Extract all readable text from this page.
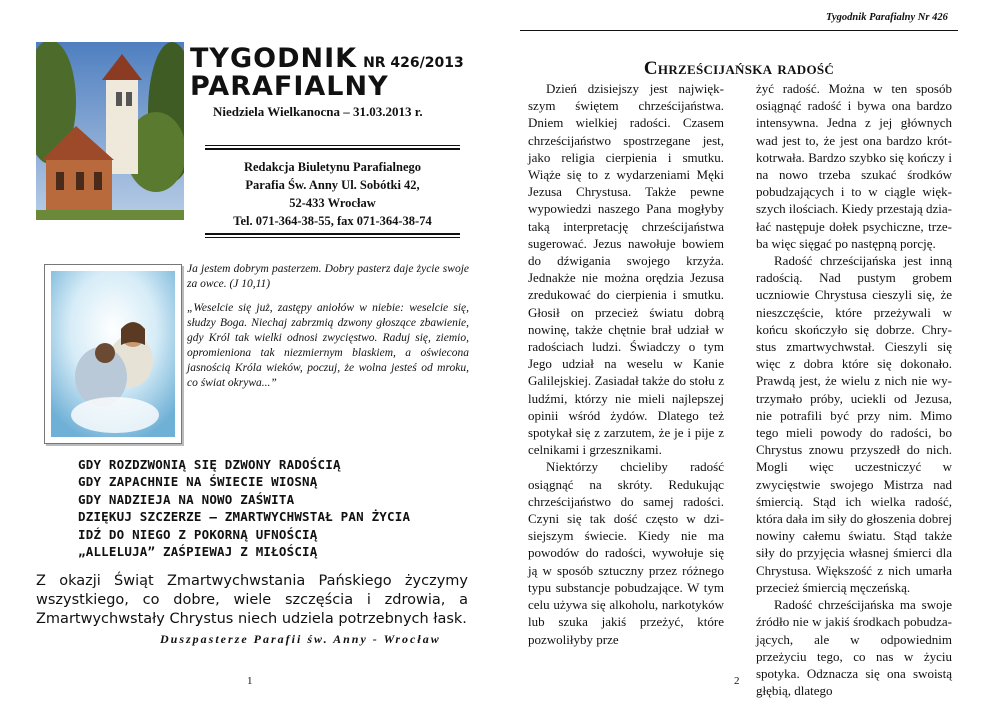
TYGODNIK NR 426/2013
PARAFIALNY
Niedziela Wielkanocna – 31.03.2013 r.
Redakcja Biuletynu Parafialnego
Parafia Św. Anny Ul. Sobótki 42,
52-433 Wrocław
Tel. 071-364-38-55, fax 071-364-38-74
Ja jestem dobrym pasterzem. Dobry pasterz daje życie swoje za owce. (J 10,11)
„Weselcie się już, zastępy aniołów w niebie: weselcie się, słudzy Boga. Niechaj zabrzmią dzwony głoszące zbawienie, gdy Król tak wielki odnosi zwycięstwo. Raduj się, ziemio, opromieniona tak niezmiernym blaskiem, a oświecona jasnością Króla wieków, poczuj, że wolna jesteś od mroku, co świat okrywa...”
GDY ROZDZWONIĄ SIĘ DZWONY RADOŚCIĄ
GDY ZAPACHNIE NA ŚWIECIE WIOSNĄ
GDY NADZIEJA NA NOWO ZAŚWITA
DZIĘKUJ SZCZERZE – ZMARTWYCHWSTAŁ PAN ŻYCIA
IDŹ DO NIEGO Z POKORNĄ UFNOŚCIĄ
„ALLELUJA” ZAŚPIEWAJ Z MIŁOŚCIĄ
Z okazji Świąt Zmartwychwstania Pańskiego życzymy wszystkiego, co dobre, wiele szczęścia i zdrowia, a Zmartwychwstały Chrystus niech udziela potrzebnych łask.
Duszpasterze Parafii św. Anny - Wrocław
1
Tygodnik Parafialny Nr 426
Chrześcijańska radość

Dzień dzisiejszy jest największym świętem chrześcijaństwa. Dniem wielkiej radości. Czasem chrześcijaństwo spostrzegane jest, jako religia cierpienia i smutku. Wiąże się to z wydarzeniami Męki Jezusa Chrystusa. Także pewne wypowiedzi naszego Pana mogłyby taką interpretację chrześcijaństwa sugerować. Jezus nawołuje bowiem do dźwigania swojego krzyża. Jednakże nie można orędzia Jezusa zredukować do cierpienia i smutku. Głosił on przecież światu dobrą nowinę, także chętnie brał udział w radościach ludzi. Świadczy o tym Jego udział na weselu w Kanie Galilejskiej. Zasiadał także do stołu z ludźmi, którzy nie mieli najlepszej opinii wśród żydów. Dlatego też spotykał się z zarzutem, że je i pije z celnikami i grzesznikami.

Niektórzy chcieliby radość osiągnąć na skróty. Redukując chrześcijaństwo do samej radości. Czyni się tak dość często w dzisiejszym świecie. Kiedy nie ma powodów do radości, wywołuje się ją w sposób sztuczny przez różnego typu substancje pobudzające. W tym celu używa się alkoholu, narkotyków lub szuka jakiś przeżyć, które pozwoliłyby prze

żyć radość. Można w ten sposób osiągnąć radość i bywa ona bardzo intensywna. Jedna z jej głównych wad jest to, że jest ona bardzo krótkotrwała. Bardzo szybko się kończy i na nowo trzeba szukać środków pobudzających i to w ciągle większych ilościach. Kiedy przestają działać następuje dołek psychiczne, trzeba więc sięgać po następną porcję.

Radość chrześcijańska jest inną radością. Nad pustym grobem uczniowie Chrystusa cieszyli się, że nieszczęście, które przeżywali w końcu skończyło się dobrze. Chrystus zmartwychwstał. Cieszyli się więc z dobra które się dokonało. Prawdą jest, że wielu z nich nie wytrzymało próby, uciekli od Jezusa, nie potrafili być przy nim. Mimo tego mieli powody do radości, bo Chrystus znowu przyszedł do nich. Mogli więc uczestniczyć w zwycięstwie swojego Mistrza nad śmiercią. Stąd ich wielka radość, która dała im siły do głoszenia dobrej nowiny całemu światu. Stąd także siły do przyjęcia własnej śmierci dla Chrystusa. Większość z nich umarła przecież śmiercią męczeńską.

Radość chrześcijańska ma swoje źródło nie w jakiś środkach pobudzających, ale w odpowiednim przeżyciu tego, co nas w życiu spotyka. Odznacza się ona swoistą głębią, dlatego

2
